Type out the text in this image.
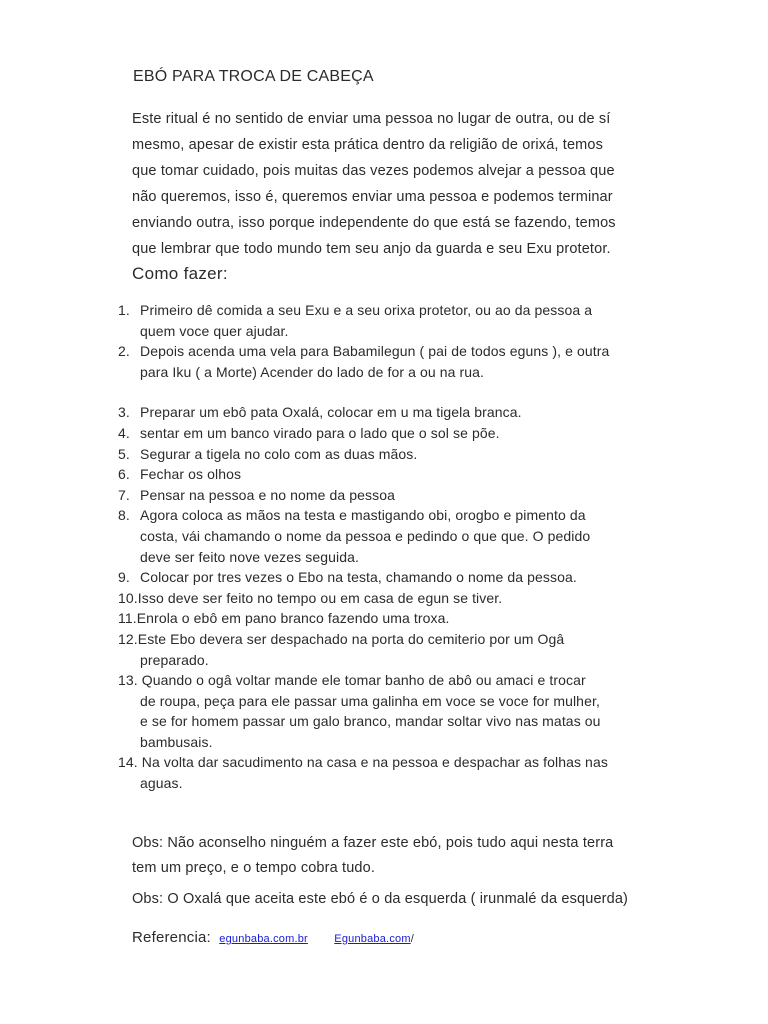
EBÓ PARA TROCA DE CABEÇA
Este ritual é no sentido de enviar uma pessoa no lugar de outra, ou de sí
mesmo, apesar de existir esta prática dentro da religião de orixá, temos
que tomar cuidado, pois muitas das vezes podemos alvejar a pessoa que
não queremos, isso é, queremos enviar uma pessoa e podemos terminar
enviando outra, isso porque independente do que está se fazendo, temos
que lembrar que todo mundo tem seu anjo da guarda e seu Exu protetor.
Como fazer:
1. Primeiro dê comida a seu Exu e a seu orixa protetor, ou ao da pessoa a
quem voce quer ajudar.
2. Depois acenda uma vela para Babamilegun ( pai de todos eguns ), e outra
para Iku ( a Morte) Acender do lado de for a ou na rua.
3. Preparar um ebô pata Oxalá, colocar em u ma tigela branca.
4. sentar em um banco virado para o lado que o sol se põe.
5. Segurar a tigela no colo com as duas mãos.
6. Fechar os olhos
7. Pensar na pessoa e no nome da pessoa
8. Agora coloca as mãos na testa e mastigando obi, orogbo e pimento da
costa, vái chamando o nome da pessoa e pedindo o que que. O pedido
deve ser feito nove vezes seguida.
9. Colocar por tres vezes o Ebo na testa, chamando o nome da pessoa.
10.Isso deve ser feito no tempo ou em casa de egun se tiver.
11.Enrola o ebô em pano branco fazendo uma troxa.
12.Este Ebo devera ser despachado na porta do cemiterio por um Ogâ
preparado.
13. Quando o ogâ voltar mande ele tomar banho de abô ou amaci e trocar
de roupa, peça para ele passar uma galinha em voce se voce for mulher,
e se for homem passar um galo branco, mandar soltar vivo nas matas ou
bambusais.
14. Na volta dar sacudimento na casa e na pessoa e despachar as folhas nas
aguas.
Obs: Não aconselho ninguém a fazer este ebó, pois tudo aqui nesta terra
tem um preço, e o tempo cobra tudo.
Obs: O Oxalá que aceita este ebó é o da esquerda ( irunmalé da esquerda)
Referencia: egunbaba.com.br Egunbaba.com/
